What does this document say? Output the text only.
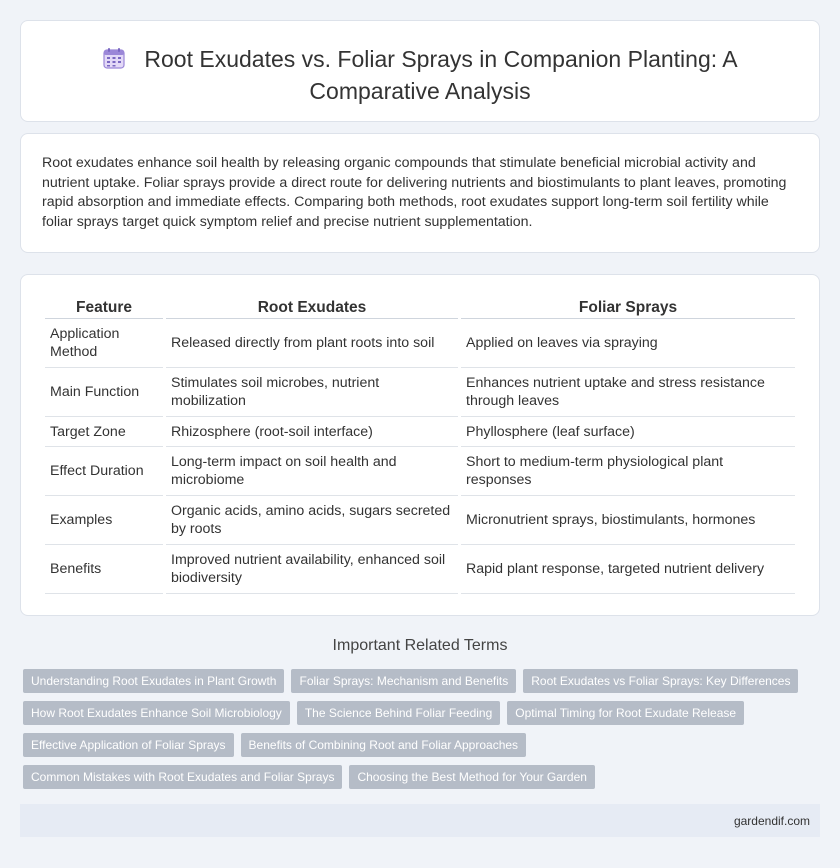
Root Exudates vs. Foliar Sprays in Companion Planting: A Comparative Analysis

Root exudates enhance soil health by releasing organic compounds that stimulate beneficial microbial activity and nutrient uptake. Foliar sprays provide a direct route for delivering nutrients and biostimulants to plant leaves, promoting rapid absorption and immediate effects. Comparing both methods, root exudates support long-term soil fertility while foliar sprays target quick symptom relief and precise nutrient supplementation.

Feature	Root Exudates	Foliar Sprays
Application Method	Released directly from plant roots into soil	Applied on leaves via spraying
Main Function	Stimulates soil microbes, nutrient mobilization	Enhances nutrient uptake and stress resistance through leaves
Target Zone	Rhizosphere (root-soil interface)	Phyllosphere (leaf surface)
Effect Duration	Long-term impact on soil health and microbiome	Short to medium-term physiological plant responses
Examples	Organic acids, amino acids, sugars secreted by roots	Micronutrient sprays, biostimulants, hormones
Benefits	Improved nutrient availability, enhanced soil biodiversity	Rapid plant response, targeted nutrient delivery
Important Related Terms
Understanding Root Exudates in Plant Growth	Foliar Sprays: Mechanism and Benefits	Root Exudates vs Foliar Sprays: Key Differences
How Root Exudates Enhance Soil Microbiology	The Science Behind Foliar Feeding	Optimal Timing for Root Exudate Release
Effective Application of Foliar Sprays	Benefits of Combining Root and Foliar Approaches
Common Mistakes with Root Exudates and Foliar Sprays	Choosing the Best Method for Your Garden
gardendif.com
